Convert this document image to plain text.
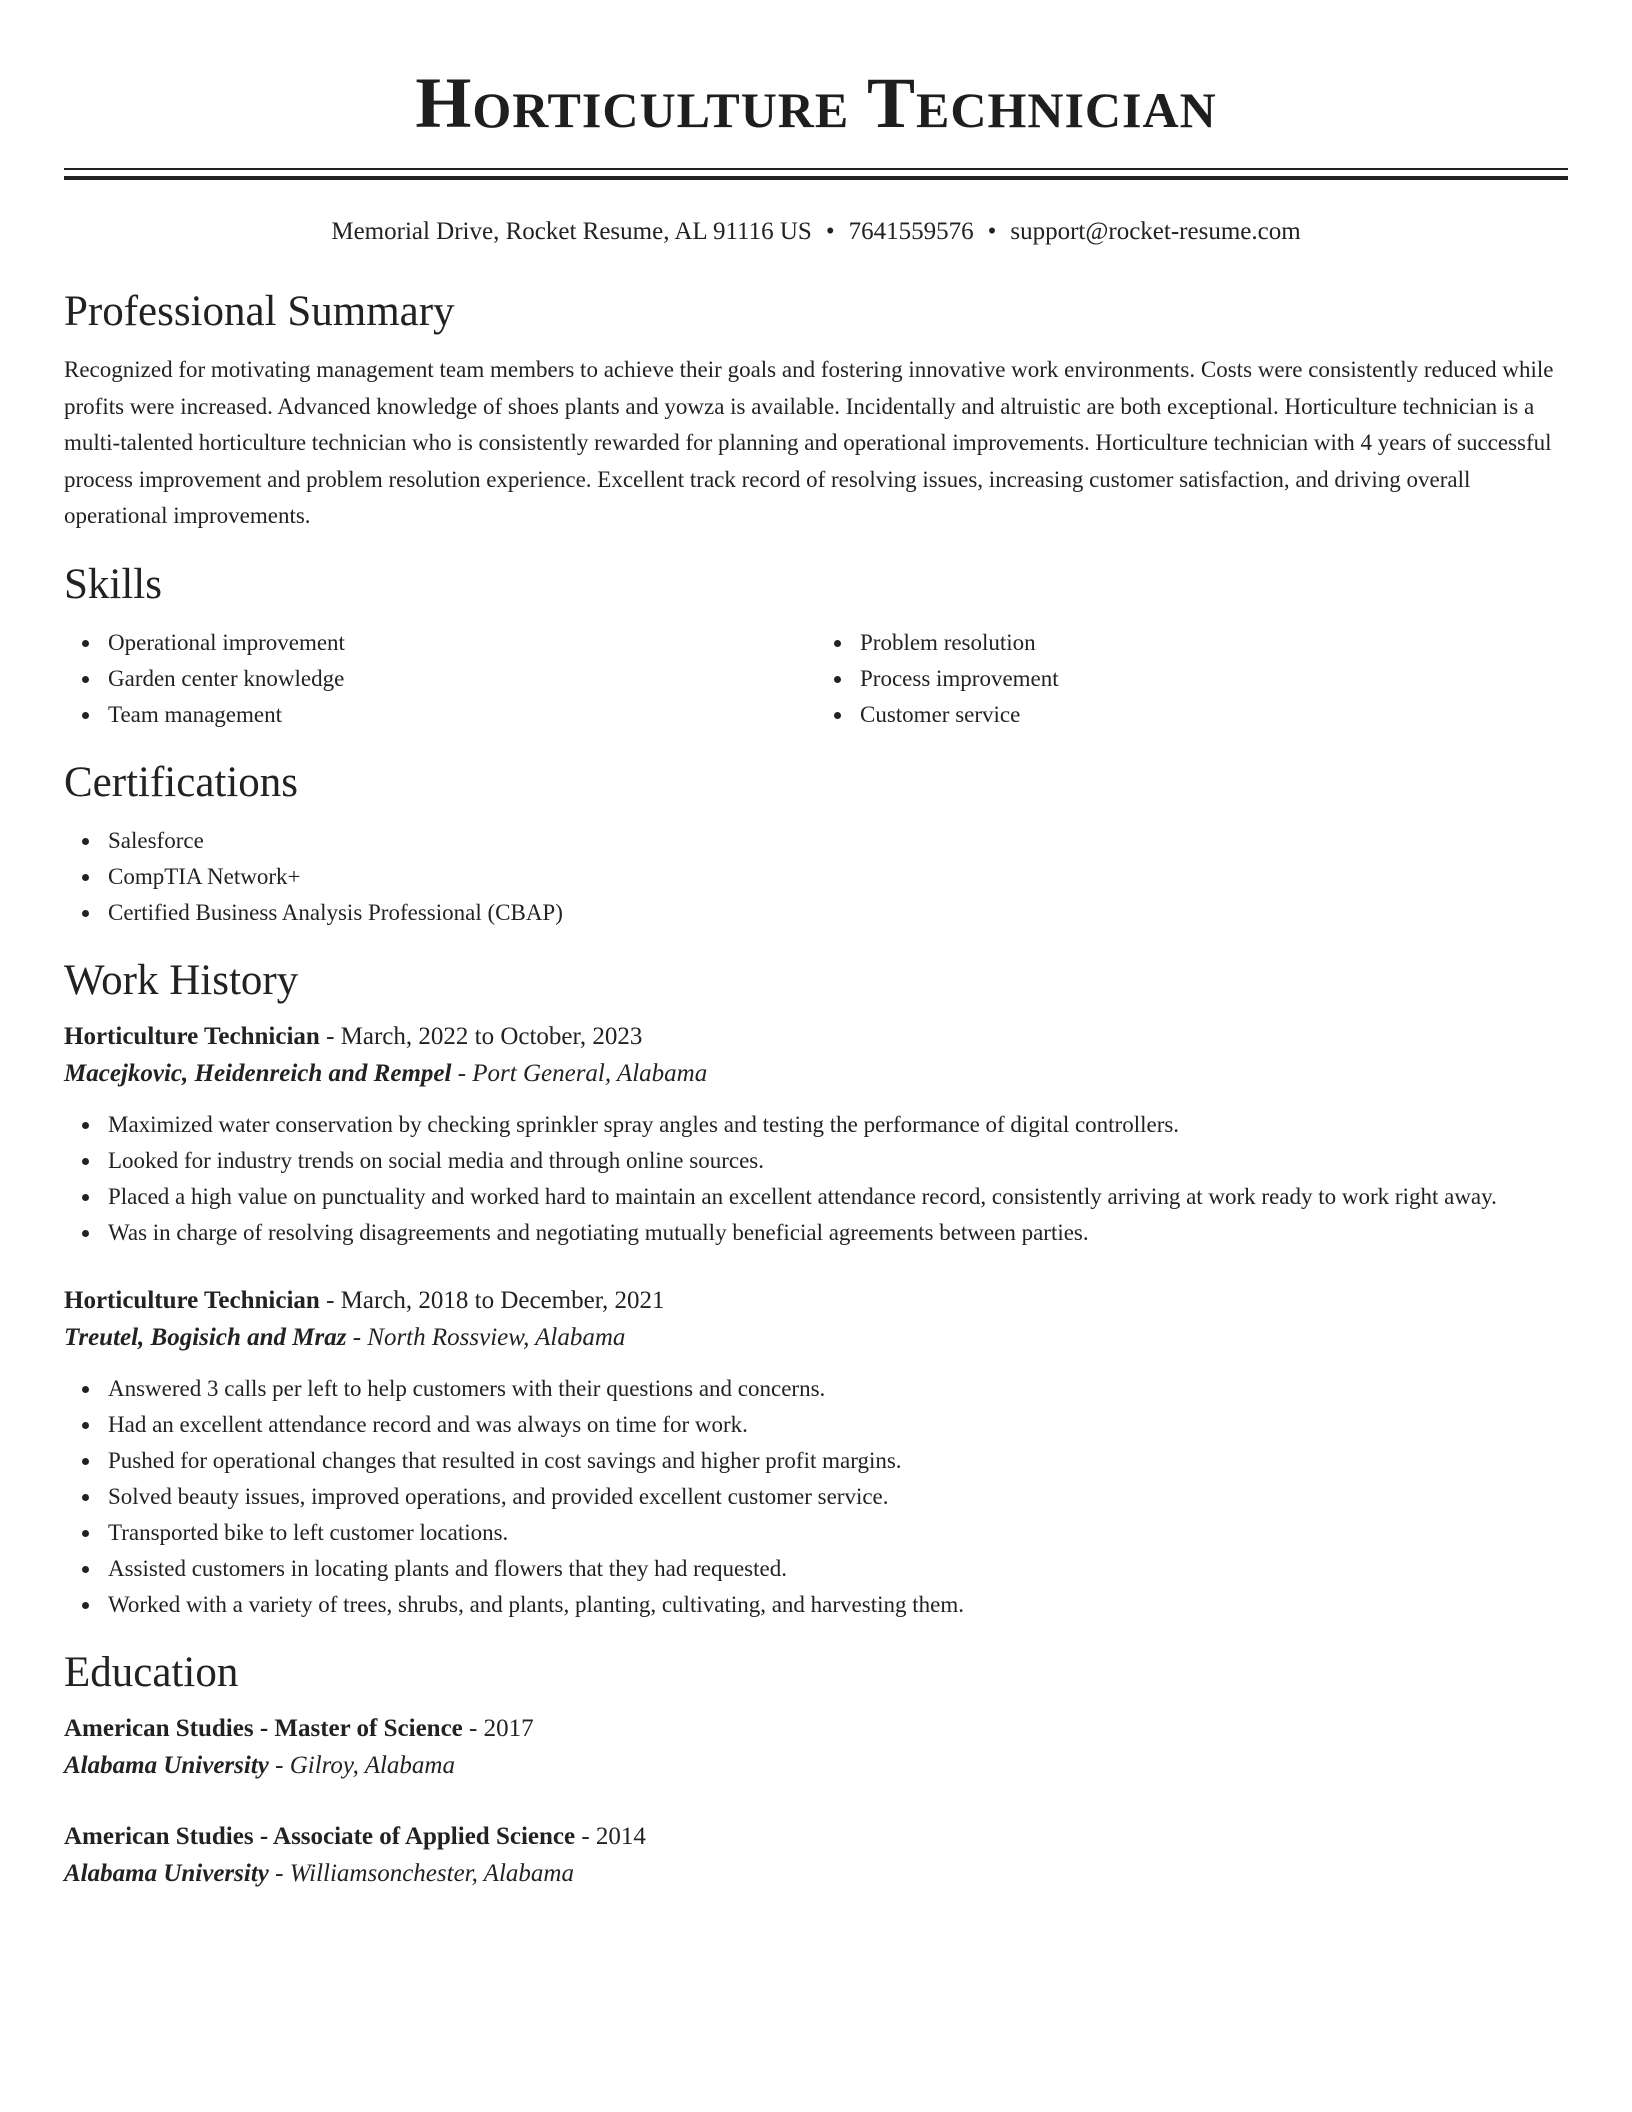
Horticulture Technician
Memorial Drive, Rocket Resume, AL 91116 US • 7641559576 • support@rocket-resume.com
Professional Summary

Recognized for motivating management team members to achieve their goals and fostering innovative work environments. Costs were consistently reduced while profits were increased. Advanced knowledge of shoes plants and yowza is available. Incidentally and altruistic are both exceptional. Horticulture technician is a multi-talented horticulture technician who is consistently rewarded for planning and operational improvements. Horticulture technician with 4 years of successful process improvement and problem resolution experience. Excellent track record of resolving issues, increasing customer satisfaction, and driving overall operational improvements.

Skills
Operational improvement
Garden center knowledge
Team management
Problem resolution
Process improvement
Customer service
Certifications
Salesforce
CompTIA Network+
Certified Business Analysis Professional (CBAP)
Work History
Horticulture Technician - March, 2022 to October, 2023
Macejkovic, Heidenreich and Rempel - Port General, Alabama
Maximized water conservation by checking sprinkler spray angles and testing the performance of digital controllers.
Looked for industry trends on social media and through online sources.
Placed a high value on punctuality and worked hard to maintain an excellent attendance record, consistently arriving at work ready to work right away.
Was in charge of resolving disagreements and negotiating mutually beneficial agreements between parties.
Horticulture Technician - March, 2018 to December, 2021
Treutel, Bogisich and Mraz - North Rossview, Alabama
Answered 3 calls per left to help customers with their questions and concerns.
Had an excellent attendance record and was always on time for work.
Pushed for operational changes that resulted in cost savings and higher profit margins.
Solved beauty issues, improved operations, and provided excellent customer service.
Transported bike to left customer locations.
Assisted customers in locating plants and flowers that they had requested.
Worked with a variety of trees, shrubs, and plants, planting, cultivating, and harvesting them.
Education
American Studies - Master of Science - 2017
Alabama University - Gilroy, Alabama
American Studies - Associate of Applied Science - 2014
Alabama University - Williamsonchester, Alabama
